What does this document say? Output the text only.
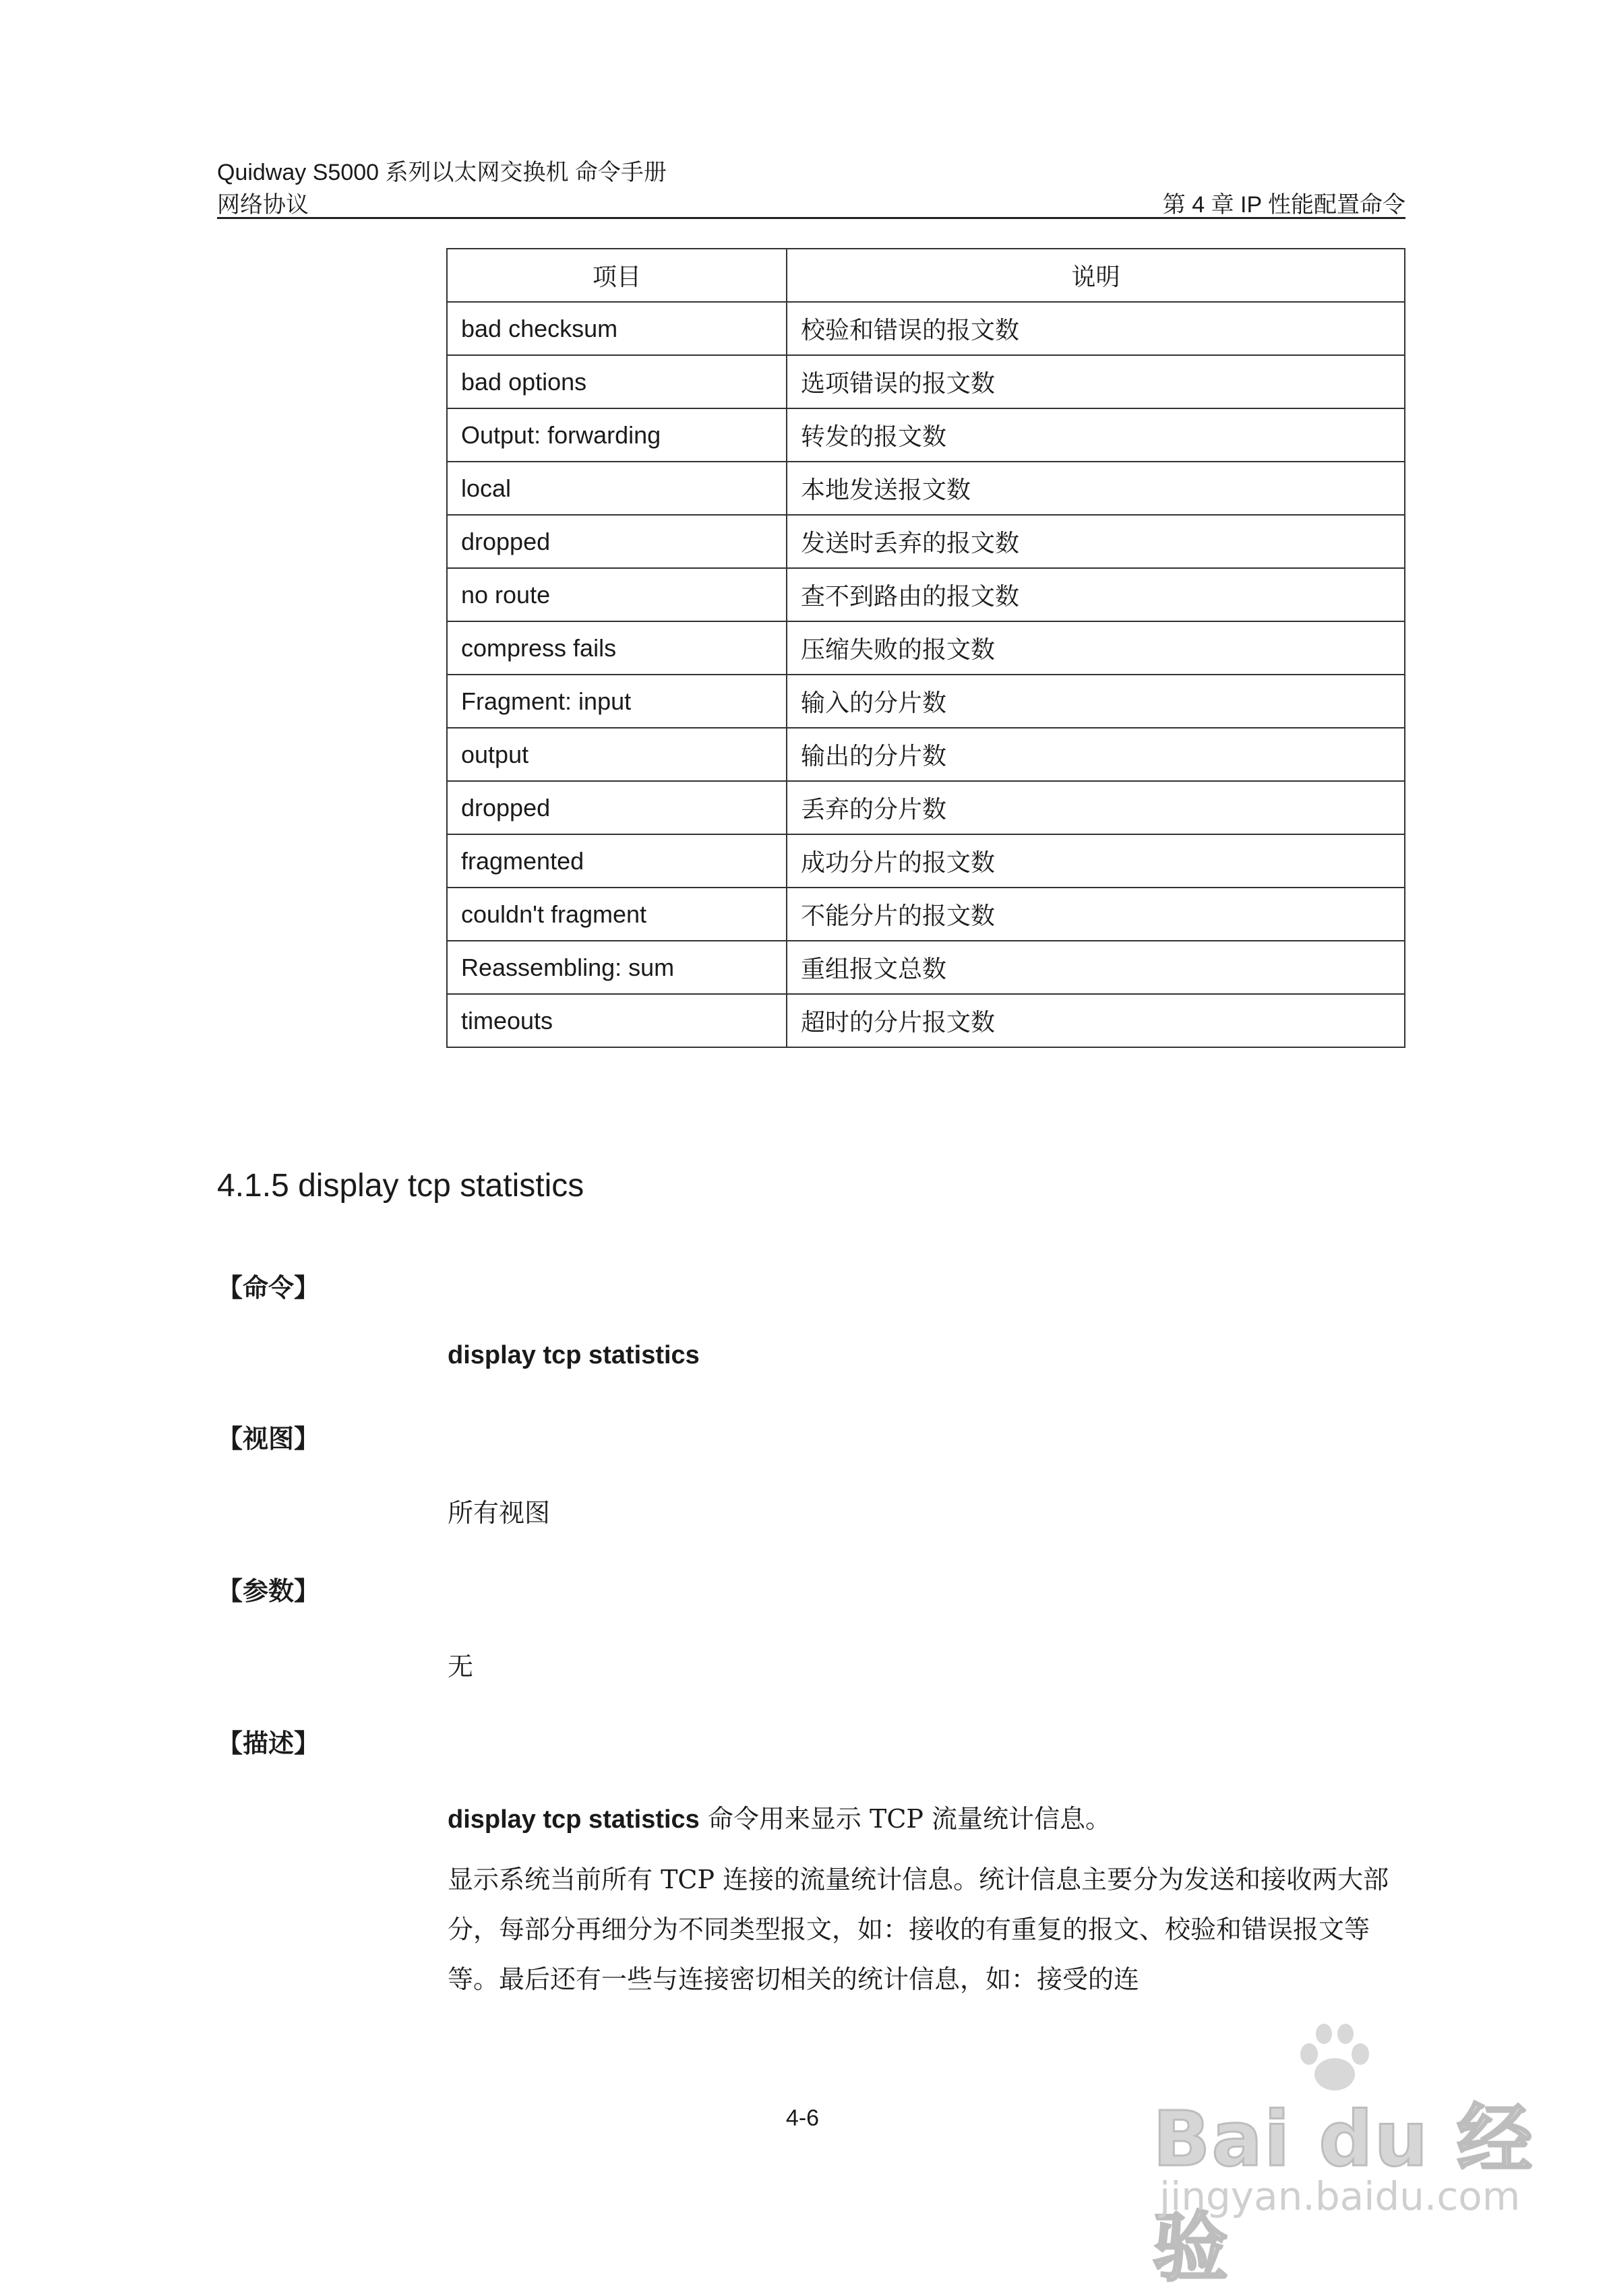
Quidway S5000 系列以太网交换机 命令手册
网络协议	第 4 章 IP 性能配置命令
项目	说明
bad checksum	校验和错误的报文数
bad options	选项错误的报文数
Output: forwarding	转发的报文数
local	本地发送报文数
dropped	发送时丢弃的报文数
no route	查不到路由的报文数
compress fails	压缩失败的报文数
Fragment: input	输入的分片数
output	输出的分片数
dropped	丢弃的分片数
fragmented	成功分片的报文数
couldn't fragment	不能分片的报文数
Reassembling: sum	重组报文总数
timeouts	超时的分片报文数
4.1.5 display tcp statistics
【命令】
display tcp statistics
【视图】
所有视图
【参数】
无
【描述】
display tcp statistics 命令用来显示 TCP 流量统计信息。
显示系统当前所有 TCP 连接的流量统计信息。统计信息主要分为发送和接收两大部分，每部分再细分为不同类型报文，如：接收的有重复的报文、校验和错误报文等等。最后还有一些与连接密切相关的统计信息，如：接受的连
4-6	Bai du 经验
jingyan.baidu.com
